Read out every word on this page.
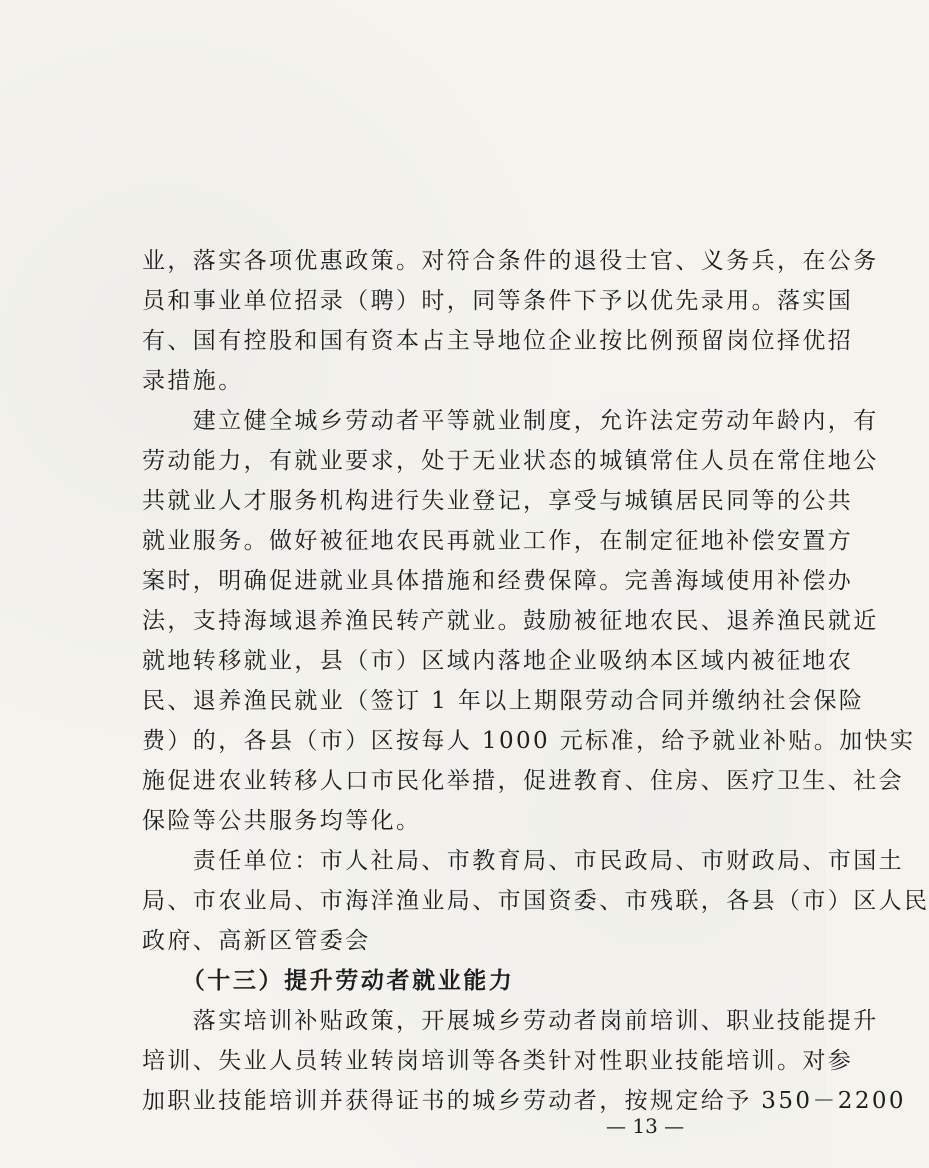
业，落实各项优惠政策。对符合条件的退役士官、义务兵，在公务
员和事业单位招录（聘）时，同等条件下予以优先录用。落实国
有、国有控股和国有资本占主导地位企业按比例预留岗位择优招
录措施。
　　建立健全城乡劳动者平等就业制度，允许法定劳动年龄内，有
劳动能力，有就业要求，处于无业状态的城镇常住人员在常住地公
共就业人才服务机构进行失业登记，享受与城镇居民同等的公共
就业服务。做好被征地农民再就业工作，在制定征地补偿安置方
案时，明确促进就业具体措施和经费保障。完善海域使用补偿办
法，支持海域退养渔民转产就业。鼓励被征地农民、退养渔民就近
就地转移就业，县（市）区域内落地企业吸纳本区域内被征地农
民、退养渔民就业（签订 1 年以上期限劳动合同并缴纳社会保险
费）的，各县（市）区按每人 1000 元标准，给予就业补贴。加快实
施促进农业转移人口市民化举措，促进教育、住房、医疗卫生、社会
保险等公共服务均等化。
　　责任单位：市人社局、市教育局、市民政局、市财政局、市国土
局、市农业局、市海洋渔业局、市国资委、市残联，各县（市）区人民
政府、高新区管委会
　　（十三）提升劳动者就业能力
　　落实培训补贴政策，开展城乡劳动者岗前培训、职业技能提升
培训、失业人员转业转岗培训等各类针对性职业技能培训。对参
加职业技能培训并获得证书的城乡劳动者，按规定给予 350－2200
— 13 —
